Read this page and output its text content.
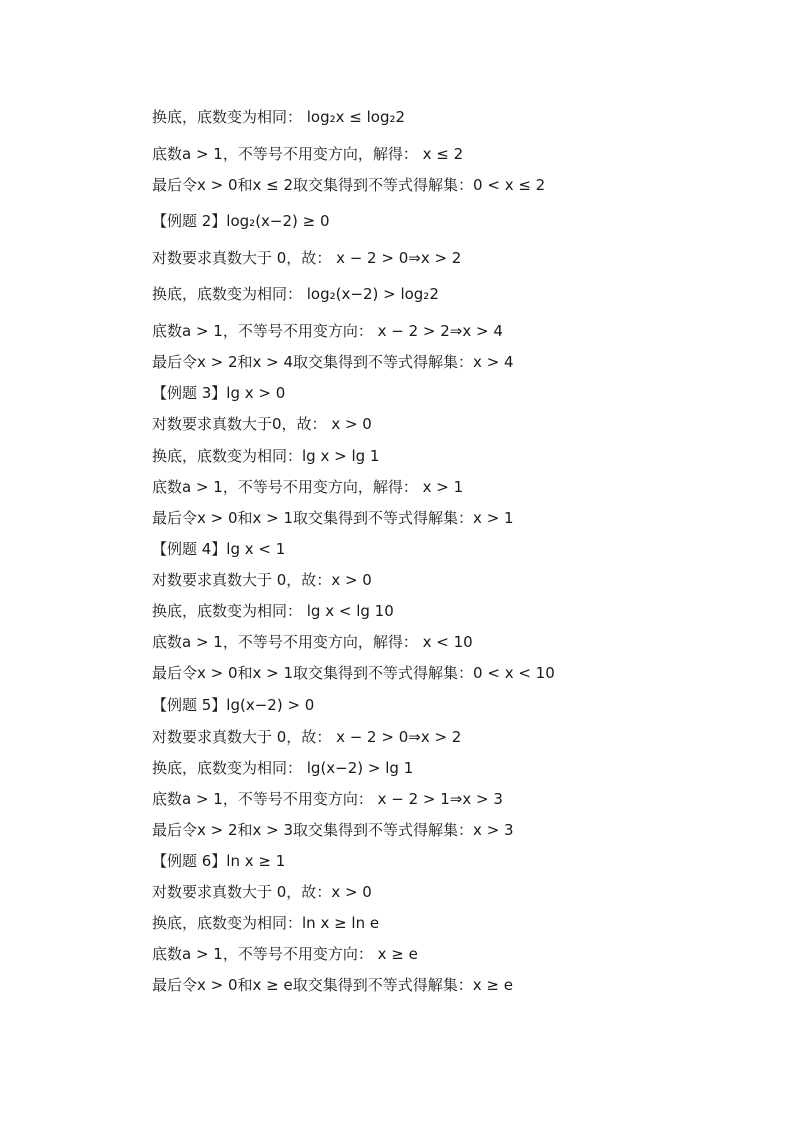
换底，底数变为相同： log₂x ≤ log₂2
底数a > 1，不等号不用变方向，解得： x ≤ 2
最后令x > 0和x ≤ 2取交集得到不等式得解集：0 < x ≤ 2
【例题 2】log₂(x−2) ≥ 0
对数要求真数大于 0，故： x − 2 > 0⇒x > 2
换底，底数变为相同： log₂(x−2) > log₂2
底数a > 1，不等号不用变方向： x − 2 > 2⇒x > 4
最后令x > 2和x > 4取交集得到不等式得解集：x > 4
【例题 3】lg x > 0
对数要求真数大于0，故： x > 0
换底，底数变为相同：lg x > lg 1
底数a > 1，不等号不用变方向，解得： x > 1
最后令x > 0和x > 1取交集得到不等式得解集：x > 1
【例题 4】lg x < 1
对数要求真数大于 0，故：x > 0
换底，底数变为相同： lg x < lg 10
底数a > 1，不等号不用变方向，解得： x < 10
最后令x > 0和x > 1取交集得到不等式得解集：0 < x < 10
【例题 5】lg(x−2) > 0
对数要求真数大于 0，故： x − 2 > 0⇒x > 2
换底，底数变为相同： lg(x−2) > lg 1
底数a > 1，不等号不用变方向： x − 2 > 1⇒x > 3
最后令x > 2和x > 3取交集得到不等式得解集：x > 3
【例题 6】ln x ≥ 1
对数要求真数大于 0，故：x > 0
换底，底数变为相同：ln x ≥ ln e
底数a > 1，不等号不用变方向： x ≥ e
最后令x > 0和x ≥ e取交集得到不等式得解集：x ≥ e
